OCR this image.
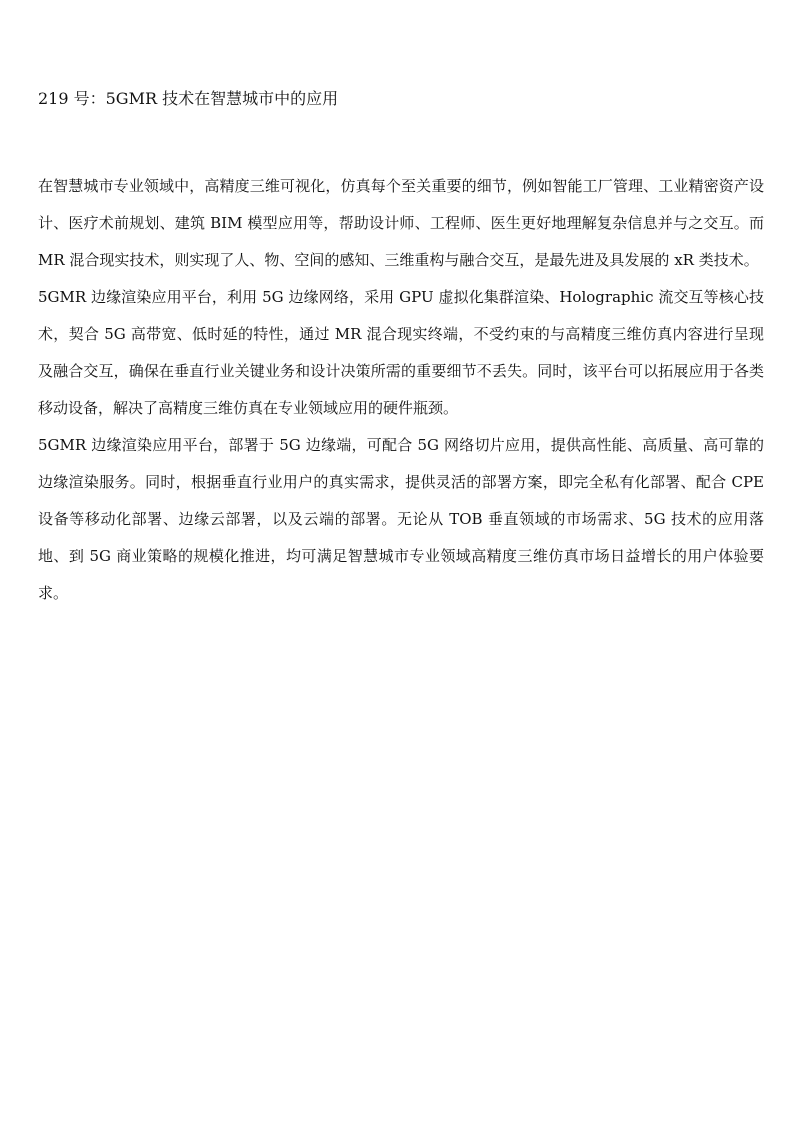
219 号：5GMR 技术在智慧城市中的应用

在智慧城市专业领域中，高精度三维可视化，仿真每个至关重要的细节，例如智能工厂管理、工业精密资产设计、医疗术前规划、建筑 BIM 模型应用等，帮助设计师、工程师、医生更好地理解复杂信息并与之交互。而 MR 混合现实技术，则实现了人、物、空间的感知、三维重构与融合交互，是最先进及具发展的 xR 类技术。

5GMR 边缘渲染应用平台，利用 5G 边缘网络，采用 GPU 虚拟化集群渲染、Holographic 流交互等核心技术，契合 5G 高带宽、低时延的特性，通过 MR 混合现实终端，不受约束的与高精度三维仿真内容进行呈现及融合交互，确保在垂直行业关键业务和设计决策所需的重要细节不丢失。同时，该平台可以拓展应用于各类移动设备，解决了高精度三维仿真在专业领域应用的硬件瓶颈。

5GMR 边缘渲染应用平台，部署于 5G 边缘端，可配合 5G 网络切片应用，提供高性能、高质量、高可靠的边缘渲染服务。同时，根据垂直行业用户的真实需求，提供灵活的部署方案，即完全私有化部署、配合 CPE 设备等移动化部署、边缘云部署，以及云端的部署。无论从 TOB 垂直领域的市场需求、5G 技术的应用落地、到 5G 商业策略的规模化推进，均可满足智慧城市专业领域高精度三维仿真市场日益增长的用户体验要求。
